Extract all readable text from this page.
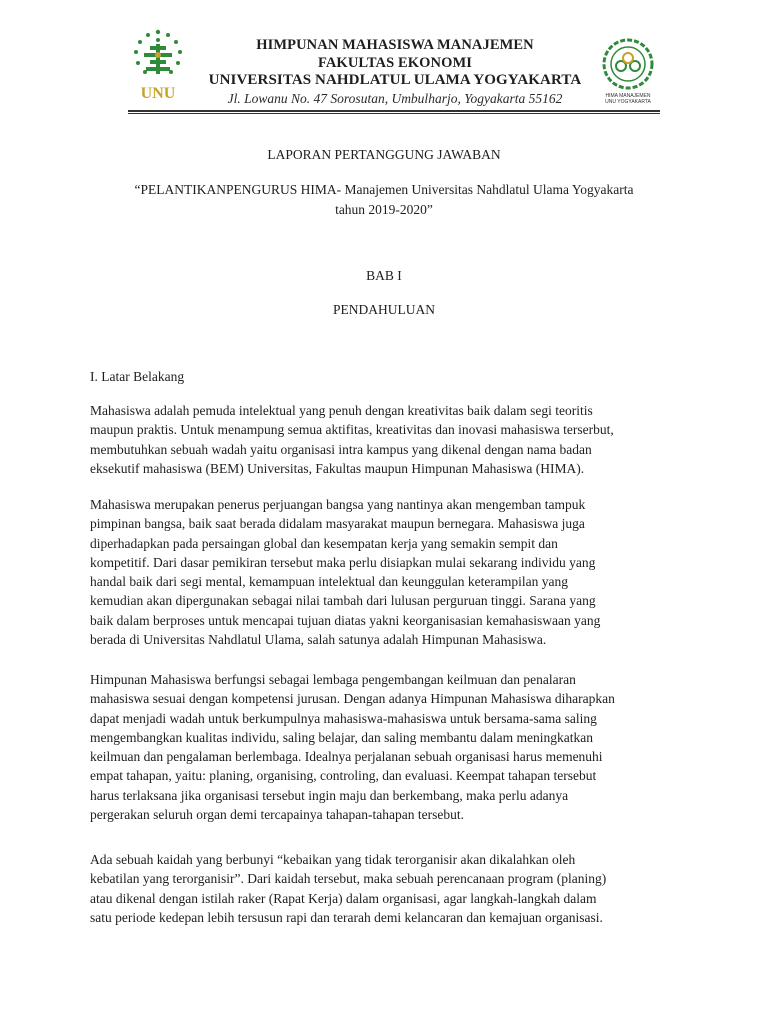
UNU
HIMPUNAN MAHASISWA MANAJEMEN
FAKULTAS EKONOMI
UNIVERSITAS NAHDLATUL ULAMA YOGYAKARTA
Jl. Lowanu No. 47 Sorosutan, Umbulharjo, Yogyakarta 55162	HIMA MANAJEMEN
UNU YOGYAKARTA
LAPORAN PERTANGGUNG JAWABAN
“PELANTIKANPENGURUS HIMA- Manajemen Universitas Nahdlatul Ulama Yogyakarta
tahun 2019-2020”
BAB I
PENDAHULUAN
I. Latar Belakang

Mahasiswa adalah pemuda intelektual yang penuh dengan kreativitas baik dalam segi teoritis

maupun praktis. Untuk menampung semua aktifitas, kreativitas dan inovasi mahasiswa terserbut,

membutuhkan sebuah wadah yaitu organisasi intra kampus yang dikenal dengan nama badan

eksekutif mahasiswa (BEM) Universitas, Fakultas maupun Himpunan Mahasiswa (HIMA).

Mahasiswa merupakan penerus perjuangan bangsa yang nantinya akan mengemban tampuk

pimpinan bangsa, baik saat berada didalam masyarakat maupun bernegara. Mahasiswa juga

diperhadapkan pada persaingan global dan kesempatan kerja yang semakin sempit dan

kompetitif. Dari dasar pemikiran tersebut maka perlu disiapkan mulai sekarang individu yang

handal baik dari segi mental, kemampuan intelektual dan keunggulan keterampilan yang

kemudian akan dipergunakan sebagai nilai tambah dari lulusan perguruan tinggi. Sarana yang

baik dalam berproses untuk mencapai tujuan diatas yakni keorganisasian kemahasiswaan yang

berada di Universitas Nahdlatul Ulama, salah satunya adalah Himpunan Mahasiswa.

Himpunan Mahasiswa berfungsi sebagai lembaga pengembangan keilmuan dan penalaran

mahasiswa sesuai dengan kompetensi jurusan. Dengan adanya Himpunan Mahasiswa diharapkan

dapat menjadi wadah untuk berkumpulnya mahasiswa-mahasiswa untuk bersama-sama saling

mengembangkan kualitas individu, saling belajar, dan saling membantu dalam meningkatkan

keilmuan dan pengalaman berlembaga. Idealnya perjalanan sebuah organisasi harus memenuhi

empat tahapan, yaitu: planing, organising, controling, dan evaluasi. Keempat tahapan tersebut

harus terlaksana jika organisasi tersebut ingin maju dan berkembang, maka perlu adanya

pergerakan seluruh organ demi tercapainya tahapan-tahapan tersebut.

Ada sebuah kaidah yang berbunyi “kebaikan yang tidak terorganisir akan dikalahkan oleh

kebatilan yang terorganisir”. Dari kaidah tersebut, maka sebuah perencanaan program (planing)

atau dikenal dengan istilah raker (Rapat Kerja) dalam organisasi, agar langkah-langkah dalam

satu periode kedepan lebih tersusun rapi dan terarah demi kelancaran dan kemajuan organisasi.
